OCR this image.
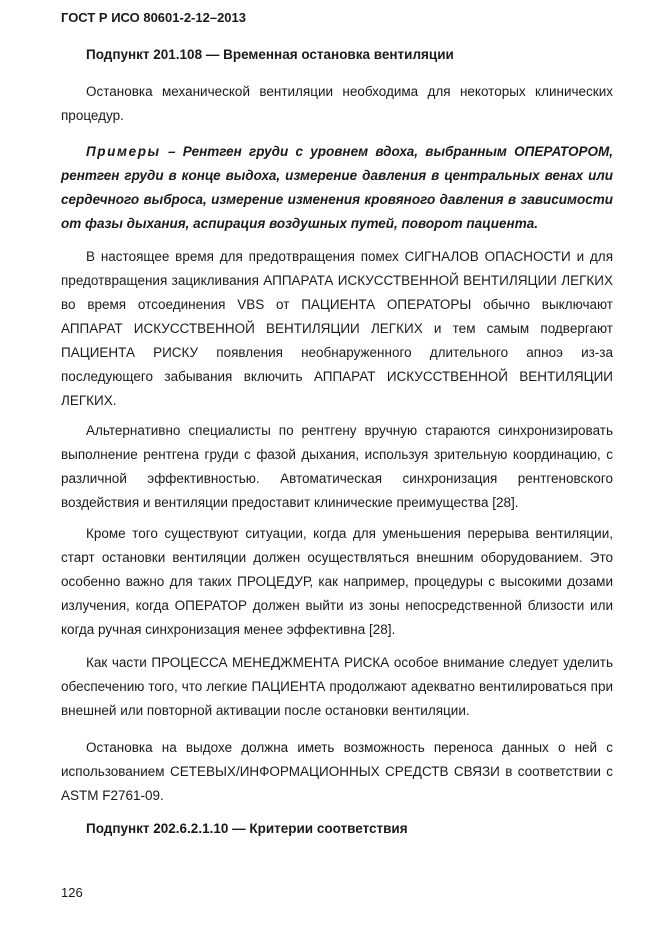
ГОСТ Р ИСО 80601-2-12–2013
Подпункт 201.108 — Временная остановка вентиляции

Остановка механической вентиляции необходима для некоторых клинических процедур.

Примеры – Рентген груди с уровнем вдоха, выбранным ОПЕРАТОРОМ, рентген груди в конце выдоха, измерение давления в центральных венах или сердечного выброса, измерение изменения кровяного давления в зависимости от фазы дыхания, аспирация воздушных путей, поворот пациента.

В настоящее время для предотвращения помех СИГНАЛОВ ОПАСНОСТИ и для предотвращения зацикливания АППАРАТА ИСКУССТВЕННОЙ ВЕНТИЛЯЦИИ ЛЕГКИХ во время отсоединения VBS от ПАЦИЕНТА ОПЕРАТОРЫ обычно выключают АППАРАТ ИСКУССТВЕННОЙ ВЕНТИЛЯЦИИ ЛЕГКИХ и тем самым подвергают ПАЦИЕНТА РИСКУ появления необнаруженного длительного апноэ из-за последующего забывания включить АППАРАТ ИСКУССТВЕННОЙ ВЕНТИЛЯЦИИ ЛЕГКИХ.

Альтернативно специалисты по рентгену вручную стараются синхронизировать выполнение рентгена груди с фазой дыхания, используя зрительную координацию, с различной эффективностью. Автоматическая синхронизация рентгеновского воздействия и вентиляции предоставит клинические преимущества [28].

Кроме того существуют ситуации, когда для уменьшения перерыва вентиляции, старт остановки вентиляции должен осуществляться внешним оборудованием. Это особенно важно для таких ПРОЦЕДУР, как например, процедуры с высокими дозами излучения, когда ОПЕРАТОР должен выйти из зоны непосредственной близости или когда ручная синхронизация менее эффективна [28].

Как части ПРОЦЕССА МЕНЕДЖМЕНТА РИСКА особое внимание следует уделить обеспечению того, что легкие ПАЦИЕНТА продолжают адекватно вентилироваться при внешней или повторной активации после остановки вентиляции.

Остановка на выдохе должна иметь возможность переноса данных о ней с использованием СЕТЕВЫХ/ИНФОРМАЦИОННЫХ СРЕДСТВ СВЯЗИ в соответствии с ASTM F2761-09.

Подпункт 202.6.2.1.10 — Критерии соответствия
126
